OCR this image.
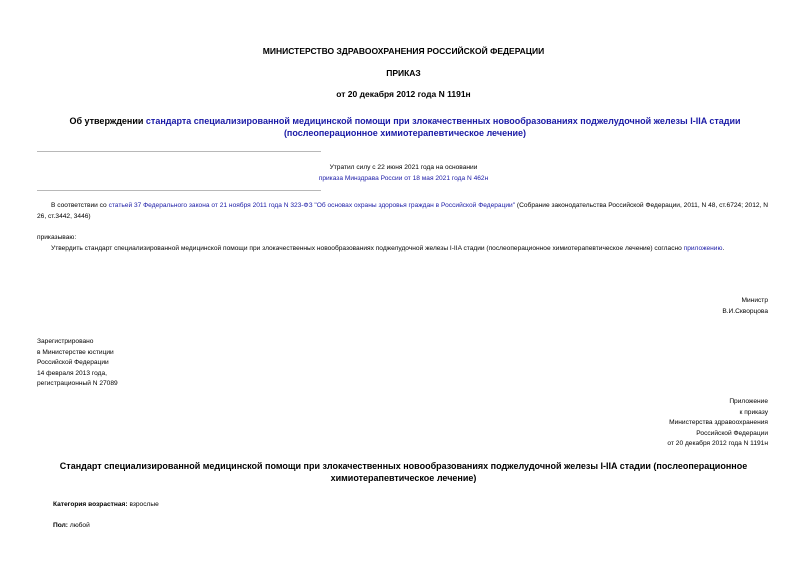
МИНИСТЕРСТВО ЗДРАВООХРАНЕНИЯ РОССИЙСКОЙ ФЕДЕРАЦИИ
ПРИКАЗ
от 20 декабря 2012 года N 1191н
Об утверждении стандарта специализированной медицинской помощи при злокачественных новообразованиях поджелудочной железы I-IIA стадии (послеоперационное химиотерапевтическое лечение)
Утратил силу с 22 июня 2021 года на основании
приказа Минздрава России от 18 мая 2021 года N 462н
В соответствии со статьей 37 Федерального закона от 21 ноября 2011 года N 323-ФЗ "Об основах охраны здоровья граждан в Российской Федерации" (Собрание законодательства Российской Федерации, 2011, N 48, ст.6724; 2012, N 26, ст.3442, 3446)
приказываю:
Утвердить стандарт специализированной медицинской помощи при злокачественных новообразованиях поджелудочной железы I-IIA стадии (послеоперационное химиотерапевтическое лечение) согласно приложению.
Министр
В.И.Скворцова
Зарегистрировано
в Министерстве юстиции
Российской Федерации
14 февраля 2013 года,
регистрационный N 27089
Приложение
к приказу
Министерства здравоохранения
Российской Федерации
от 20 декабря 2012 года N 1191н
Стандарт специализированной медицинской помощи при злокачественных новообразованиях поджелудочной железы I-IIA стадии (послеоперационное химиотерапевтическое лечение)
Категория возрастная: взрослые
Пол: любой
